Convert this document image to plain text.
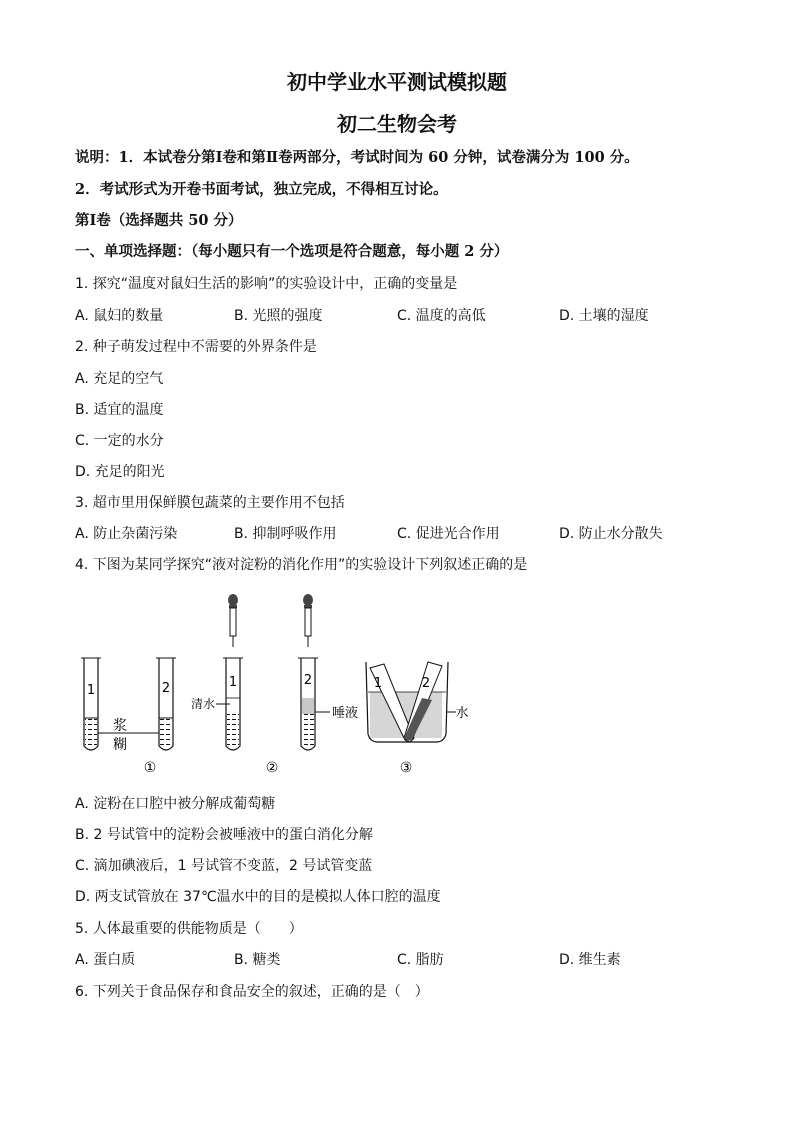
初中学业水平测试模拟题
初二生物会考
说明：1．本试卷分第Ⅰ卷和第Ⅱ卷两部分，考试时间为 60 分钟，试卷满分为 100 分。
2．考试形式为开卷书面考试，独立完成，不得相互讨论。
第Ⅰ卷（选择题共 50 分）
一、单项选择题：（每小题只有一个选项是符合题意，每小题 2 分）
1. 探究“温度对鼠妇生活的影响”的实验设计中，正确的变量是
A. 鼠妇的数量	B. 光照的强度	C. 温度的高低	D. 土壤的湿度
2. 种子萌发过程中不需要的外界条件是
A. 充足的空气
B. 适宜的温度
C. 一定的水分
D. 充足的阳光
3. 超市里用保鲜膜包蔬菜的主要作用不包括
A. 防止杂菌污染	B. 抑制呼吸作用	C. 促进光合作用	D. 防止水分散失
4. 下图为某同学探究“液对淀粉的消化作用”的实验设计下列叙述正确的是
1	2
浆
糊
①
1
清水
2
唾液
②
1	2
水
③
A. 淀粉在口腔中被分解成葡萄糖
B. 2 号试管中的淀粉会被唾液中的蛋白消化分解
C. 滴加碘液后，1 号试管不变蓝，2 号试管变蓝
D. 两支试管放在 37℃温水中的目的是模拟人体口腔的温度
5. 人体最重要的供能物质是（　　）
A. 蛋白质	B. 糖类	C. 脂肪	D. 维生素
6. 下列关于食品保存和食品安全的叙述，正确的是（　）
